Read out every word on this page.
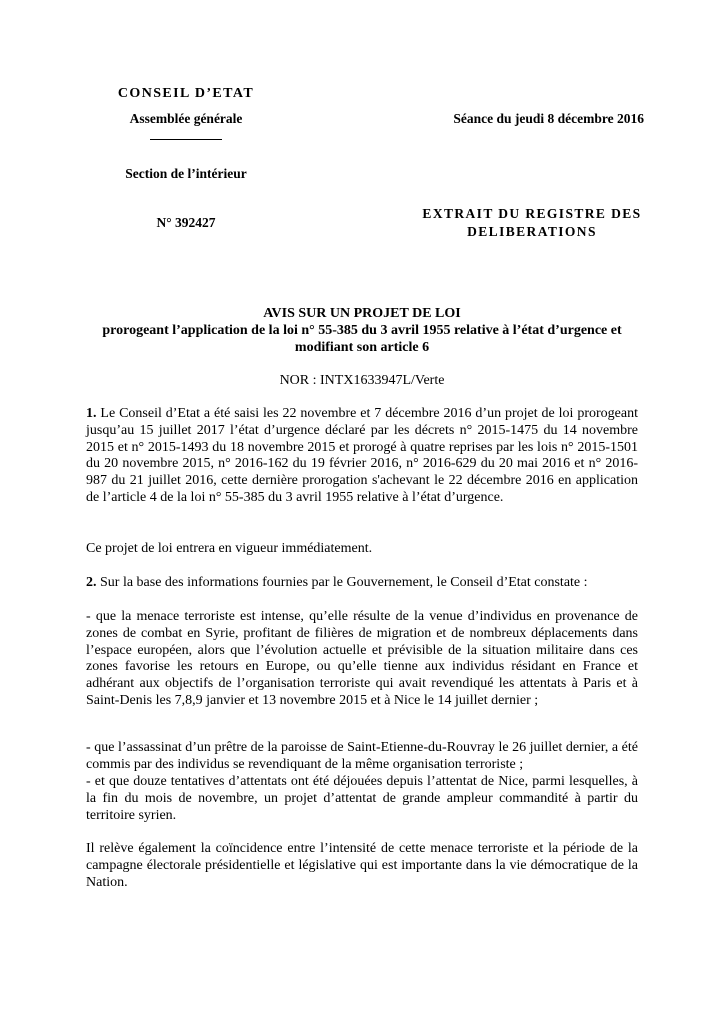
CONSEIL D’ETAT
Assemblée générale
Section de l’intérieur
N° 392427
Séance du jeudi 8 décembre 2016
EXTRAIT DU REGISTRE DES
DELIBERATIONS
AVIS SUR UN PROJET DE LOI
prorogeant l’application de la loi n° 55-385 du 3 avril 1955 relative à l’état d’urgence et
modifiant son article 6
NOR : INTX1633947L/Verte
1. Le Conseil d’Etat a été saisi les 22 novembre et 7 décembre 2016 d’un projet de loi prorogeant jusqu’au 15 juillet 2017 l’état d’urgence déclaré par les décrets n° 2015-1475 du 14 novembre 2015 et n° 2015-1493 du 18 novembre 2015 et prorogé à quatre reprises par les lois n° 2015-1501 du 20 novembre 2015, n° 2016-162 du 19 février 2016, n° 2016-629 du 20 mai 2016 et n° 2016-987 du 21 juillet 2016, cette dernière prorogation s'achevant le 22 décembre 2016 en application de l’article 4 de la loi n° 55-385 du 3 avril 1955 relative à l’état d’urgence.
Ce projet de loi entrera en vigueur immédiatement.
2. Sur la base des informations fournies par le Gouvernement, le Conseil d’Etat constate :
- que la menace terroriste est intense, qu’elle résulte de la venue d’individus en provenance de zones de combat en Syrie, profitant de filières de migration et de nombreux déplacements dans l’espace européen, alors que l’évolution actuelle et prévisible de la situation militaire dans ces zones favorise les retours en Europe, ou qu’elle tienne aux individus résidant en France et adhérant aux objectifs de l’organisation terroriste qui avait revendiqué les attentats à Paris et à Saint-Denis les 7,8,9 janvier et 13 novembre 2015 et à Nice le 14 juillet dernier ;
- que l’assassinat d’un prêtre de la paroisse de Saint-Etienne-du-Rouvray le 26 juillet dernier, a été commis par des individus se revendiquant de la même organisation terroriste ;
- et que douze tentatives d’attentats ont été déjouées depuis l’attentat de Nice, parmi lesquelles, à la fin du mois de novembre, un projet d’attentat de grande ampleur commandité à partir du territoire syrien.
Il relève également la coïncidence entre l’intensité de cette menace terroriste et la période de la campagne électorale présidentielle et législative qui est importante dans la vie démocratique de la Nation.
